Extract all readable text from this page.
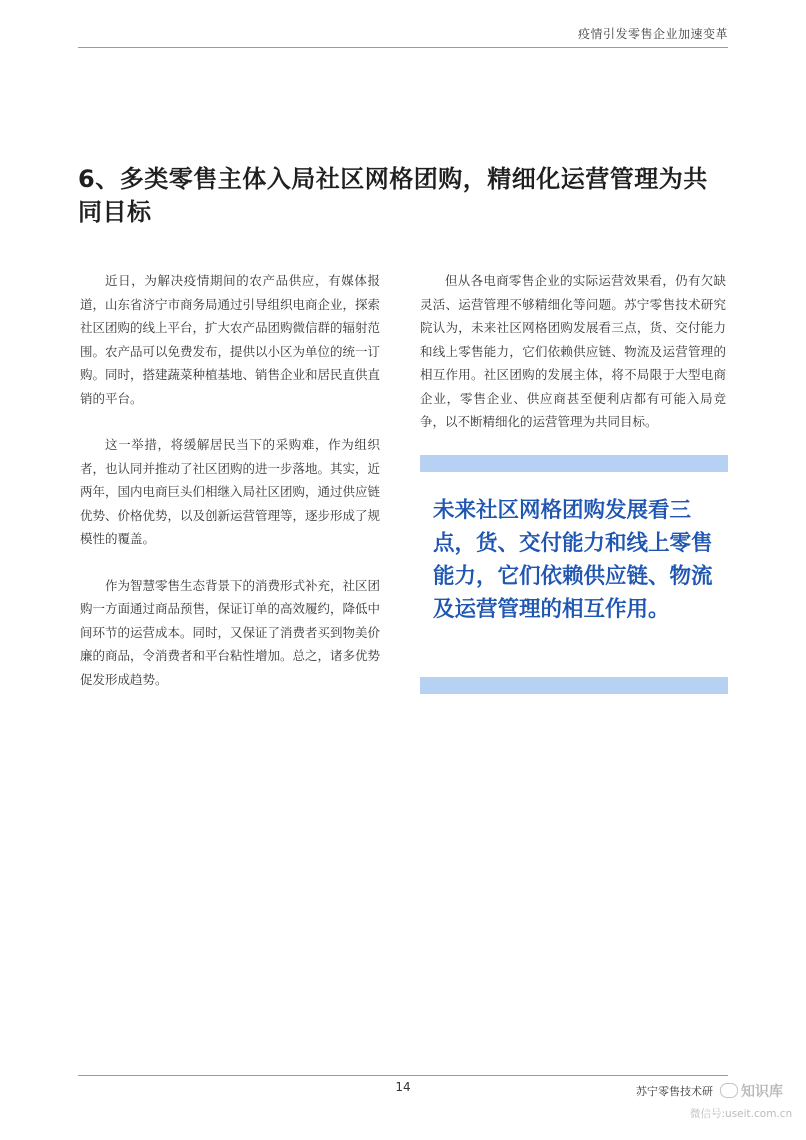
疫情引发零售企业加速变革
6、多类零售主体入局社区网格团购，精细化运营管理为共同目标

近日，为解决疫情期间的农产品供应，有媒体报道，山东省济宁市商务局通过引导组织电商企业，探索社区团购的线上平台，扩大农产品团购微信群的辐射范围。农产品可以免费发布，提供以小区为单位的统一订购。同时，搭建蔬菜种植基地、销售企业和居民直供直销的平台。

这一举措，将缓解居民当下的采购难，作为组织者，也认同并推动了社区团购的进一步落地。其实，近两年，国内电商巨头们相继入局社区团购，通过供应链优势、价格优势，以及创新运营管理等，逐步形成了规模性的覆盖。

作为智慧零售生态背景下的消费形式补充，社区团购一方面通过商品预售，保证订单的高效履约，降低中间环节的运营成本。同时，又保证了消费者买到物美价廉的商品，令消费者和平台粘性增加。总之，诸多优势促发形成趋势。

但从各电商零售企业的实际运营效果看，仍有欠缺灵活、运营管理不够精细化等问题。苏宁零售技术研究院认为，未来社区网格团购发展看三点，货、交付能力和线上零售能力，它们依赖供应链、物流及运营管理的相互作用。社区团购的发展主体，将不局限于大型电商企业，零售企业、供应商甚至便利店都有可能入局竞争，以不断精细化的运营管理为共同目标。

未来社区网格团购发展看三点，货、交付能力和线上零售能力，它们依赖供应链、物流及运营管理的相互作用。
14	苏宁零售技术研	知识库
微信号:useit.com.cn
